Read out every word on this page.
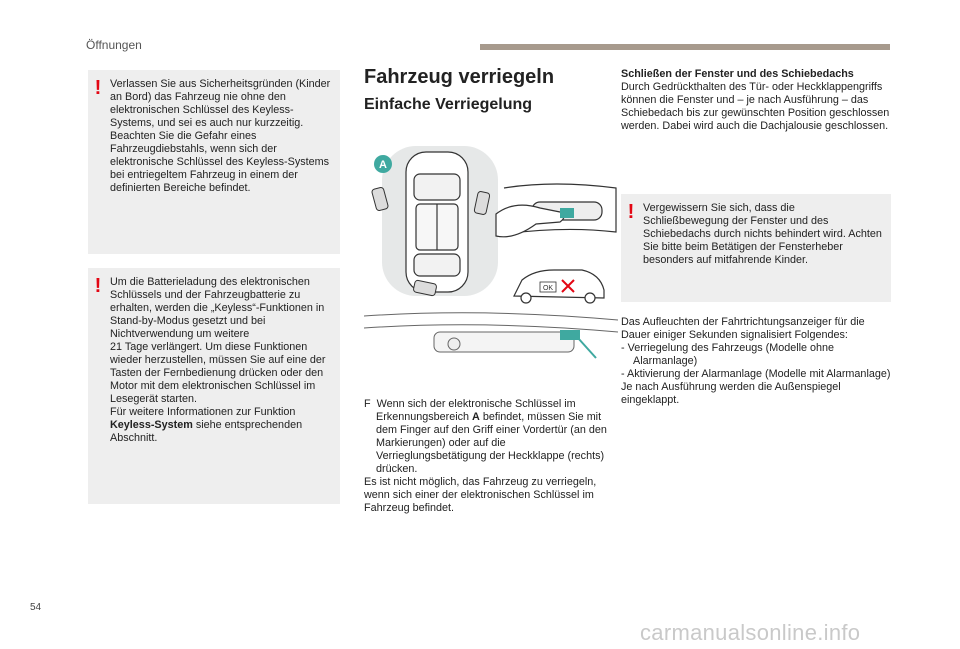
Öffnungen
! Verlassen Sie aus Sicherheitsgründen (Kinder an Bord) das Fahrzeug nie ohne den elektronischen Schlüssel des Keyless-Systems, und sei es auch nur kurzzeitig.

Beachten Sie die Gefahr eines Fahrzeugdiebstahls, wenn sich der elektronische Schlüssel des Keyless-Systems bei entriegeltem Fahrzeug in einem der definierten Bereiche befindet.

! Um die Batterieladung des elektronischen Schlüssels und der Fahrzeugbatterie zu erhalten, werden die „Keyless“-Funktionen in Stand-by-Modus gesetzt und bei Nichtverwendung um weitere

21 Tage verlängert. Um diese Funktionen wieder herzustellen, müssen Sie auf eine der Tasten der Fernbedienung drücken oder den Motor mit dem elektronischen Schlüssel im Lesegerät starten.

Für weitere Informationen zur Funktion Keyless-System siehe entsprechenden Abschnitt.

Fahrzeug verriegeln
Einfache Verriegelung
A
OK

F Wenn sich der elektronische Schlüssel im Erkennungsbereich A befindet, müssen Sie mit dem Finger auf den Griff einer Vordertür (an den Markierungen) oder auf die Verrieglungsbetätigung der Heckklappe (rechts) drücken.

Es ist nicht möglich, das Fahrzeug zu verriegeln, wenn sich einer der elektronischen Schlüssel im Fahrzeug befindet.

Schließen der Fenster und des Schiebedachs

Durch Gedrückthalten des Tür- oder Heckklappengriffs können die Fenster und – je nach Ausführung – das Schiebedach bis zur gewünschten Position geschlossen werden. Dabei wird auch die Dachjalousie geschlossen.

! Vergewissern Sie sich, dass die Schließbewegung der Fenster und des Schiebedachs durch nichts behindert wird. Achten Sie bitte beim Betätigen der Fensterheber besonders auf mitfahrende Kinder.

Das Aufleuchten der Fahrtrichtungsanzeiger für die Dauer einiger Sekunden signalisiert Folgendes:

- Verriegelung des Fahrzeugs (Modelle ohne Alarmanlage)

- Aktivierung der Alarmanlage (Modelle mit Alarmanlage)

Je nach Ausführung werden die Außenspiegel eingeklappt.

54
carmanualsonline.info
